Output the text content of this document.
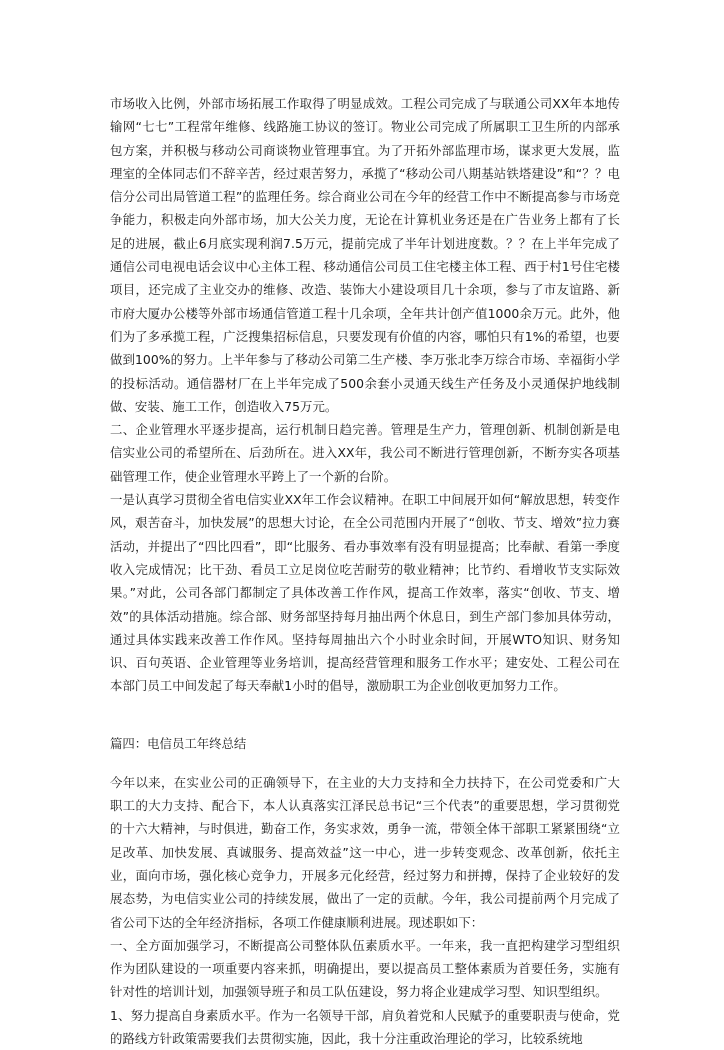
市场收入比例，外部市场拓展工作取得了明显成效。工程公司完成了与联通公司XX年本地传输网“七七”工程常年维修、线路施工协议的签订。物业公司完成了所属职工卫生所的内部承包方案，并积极与移动公司商谈物业管理事宜。为了开拓外部监理市场，谋求更大发展，监理室的全体同志们不辞辛苦，经过艰苦努力，承揽了“移动公司八期基站铁塔建设”和“？？电信分公司出局管道工程”的监理任务。综合商业公司在今年的经营工作中不断提高参与市场竞争能力，积极走向外部市场，加大公关力度，无论在计算机业务还是在广告业务上都有了长足的进展，截止6月底实现利润7.5万元，提前完成了半年计划进度数。？？在上半年完成了通信公司电视电话会议中心主体工程、移动通信公司员工住宅楼主体工程、西于村1号住宅楼项目，还完成了主业交办的维修、改造、装饰大小建设项目几十余项，参与了市友谊路、新市府大厦办公楼等外部市场通信管道工程十几余项，全年共计创产值1000余万元。此外，他们为了多承揽工程，广泛搜集招标信息，只要发现有价值的内容，哪怕只有1%的希望，也要做到100%的努力。上半年参与了移动公司第二生产楼、李万张北李万综合市场、幸福街小学的投标活动。通信器材厂在上半年完成了500余套小灵通天线生产任务及小灵通保护地线制做、安装、施工工作，创造收入75万元。

二、企业管理水平逐步提高，运行机制日趋完善。管理是生产力，管理创新、机制创新是电信实业公司的希望所在、后劲所在。进入XX年，我公司不断进行管理创新，不断夯实各项基础管理工作，使企业管理水平跨上了一个新的台阶。

一是认真学习贯彻全省电信实业XX年工作会议精神。在职工中间展开如何“解放思想，转变作风，艰苦奋斗，加快发展”的思想大讨论，在全公司范围内开展了“创收、节支、增效”拉力赛活动，并提出了“四比四看”，即“比服务、看办事效率有没有明显提高；比奉献、看第一季度收入完成情况；比干劲、看员工立足岗位吃苦耐劳的敬业精神；比节约、看增收节支实际效果。”对此，公司各部门都制定了具体改善工作作风，提高工作效率，落实“创收、节支、增效”的具体活动措施。综合部、财务部坚持每月抽出两个休息日，到生产部门参加具体劳动，通过具体实践来改善工作作风。坚持每周抽出六个小时业余时间，开展WTO知识、财务知识、百句英语、企业管理等业务培训，提高经营管理和服务工作水平；建安处、工程公司在本部门员工中间发起了每天奉献1小时的倡导，激励职工为企业创收更加努力工作。

篇四：电信员工年终总结

今年以来，在实业公司的正确领导下，在主业的大力支持和全力扶持下，在公司党委和广大职工的大力支持、配合下，本人认真落实江泽民总书记“三个代表”的重要思想，学习贯彻党的十六大精神，与时俱进，勤奋工作，务实求效，勇争一流，带领全体干部职工紧紧围绕“立足改革、加快发展、真诚服务、提高效益”这一中心，进一步转变观念、改革创新，依托主业，面向市场，强化核心竞争力，开展多元化经营，经过努力和拼搏，保持了企业较好的发展态势，为电信实业公司的持续发展，做出了一定的贡献。今年，我公司提前两个月完成了省公司下达的全年经济指标，各项工作健康顺利进展。现述职如下：

一、全方面加强学习，不断提高公司整体队伍素质水平。一年来，我一直把构建学习型组织作为团队建设的一项重要内容来抓，明确提出，要以提高员工整体素质为首要任务，实施有针对性的培训计划，加强领导班子和员工队伍建设，努力将企业建成学习型、知识型组织。

1、努力提高自身素质水平。作为一名领导干部，肩负着党和人民赋予的重要职责与使命，党的路线方针政策需要我们去贯彻实施，因此，我十分注重政治理论的学习，比较系统地
